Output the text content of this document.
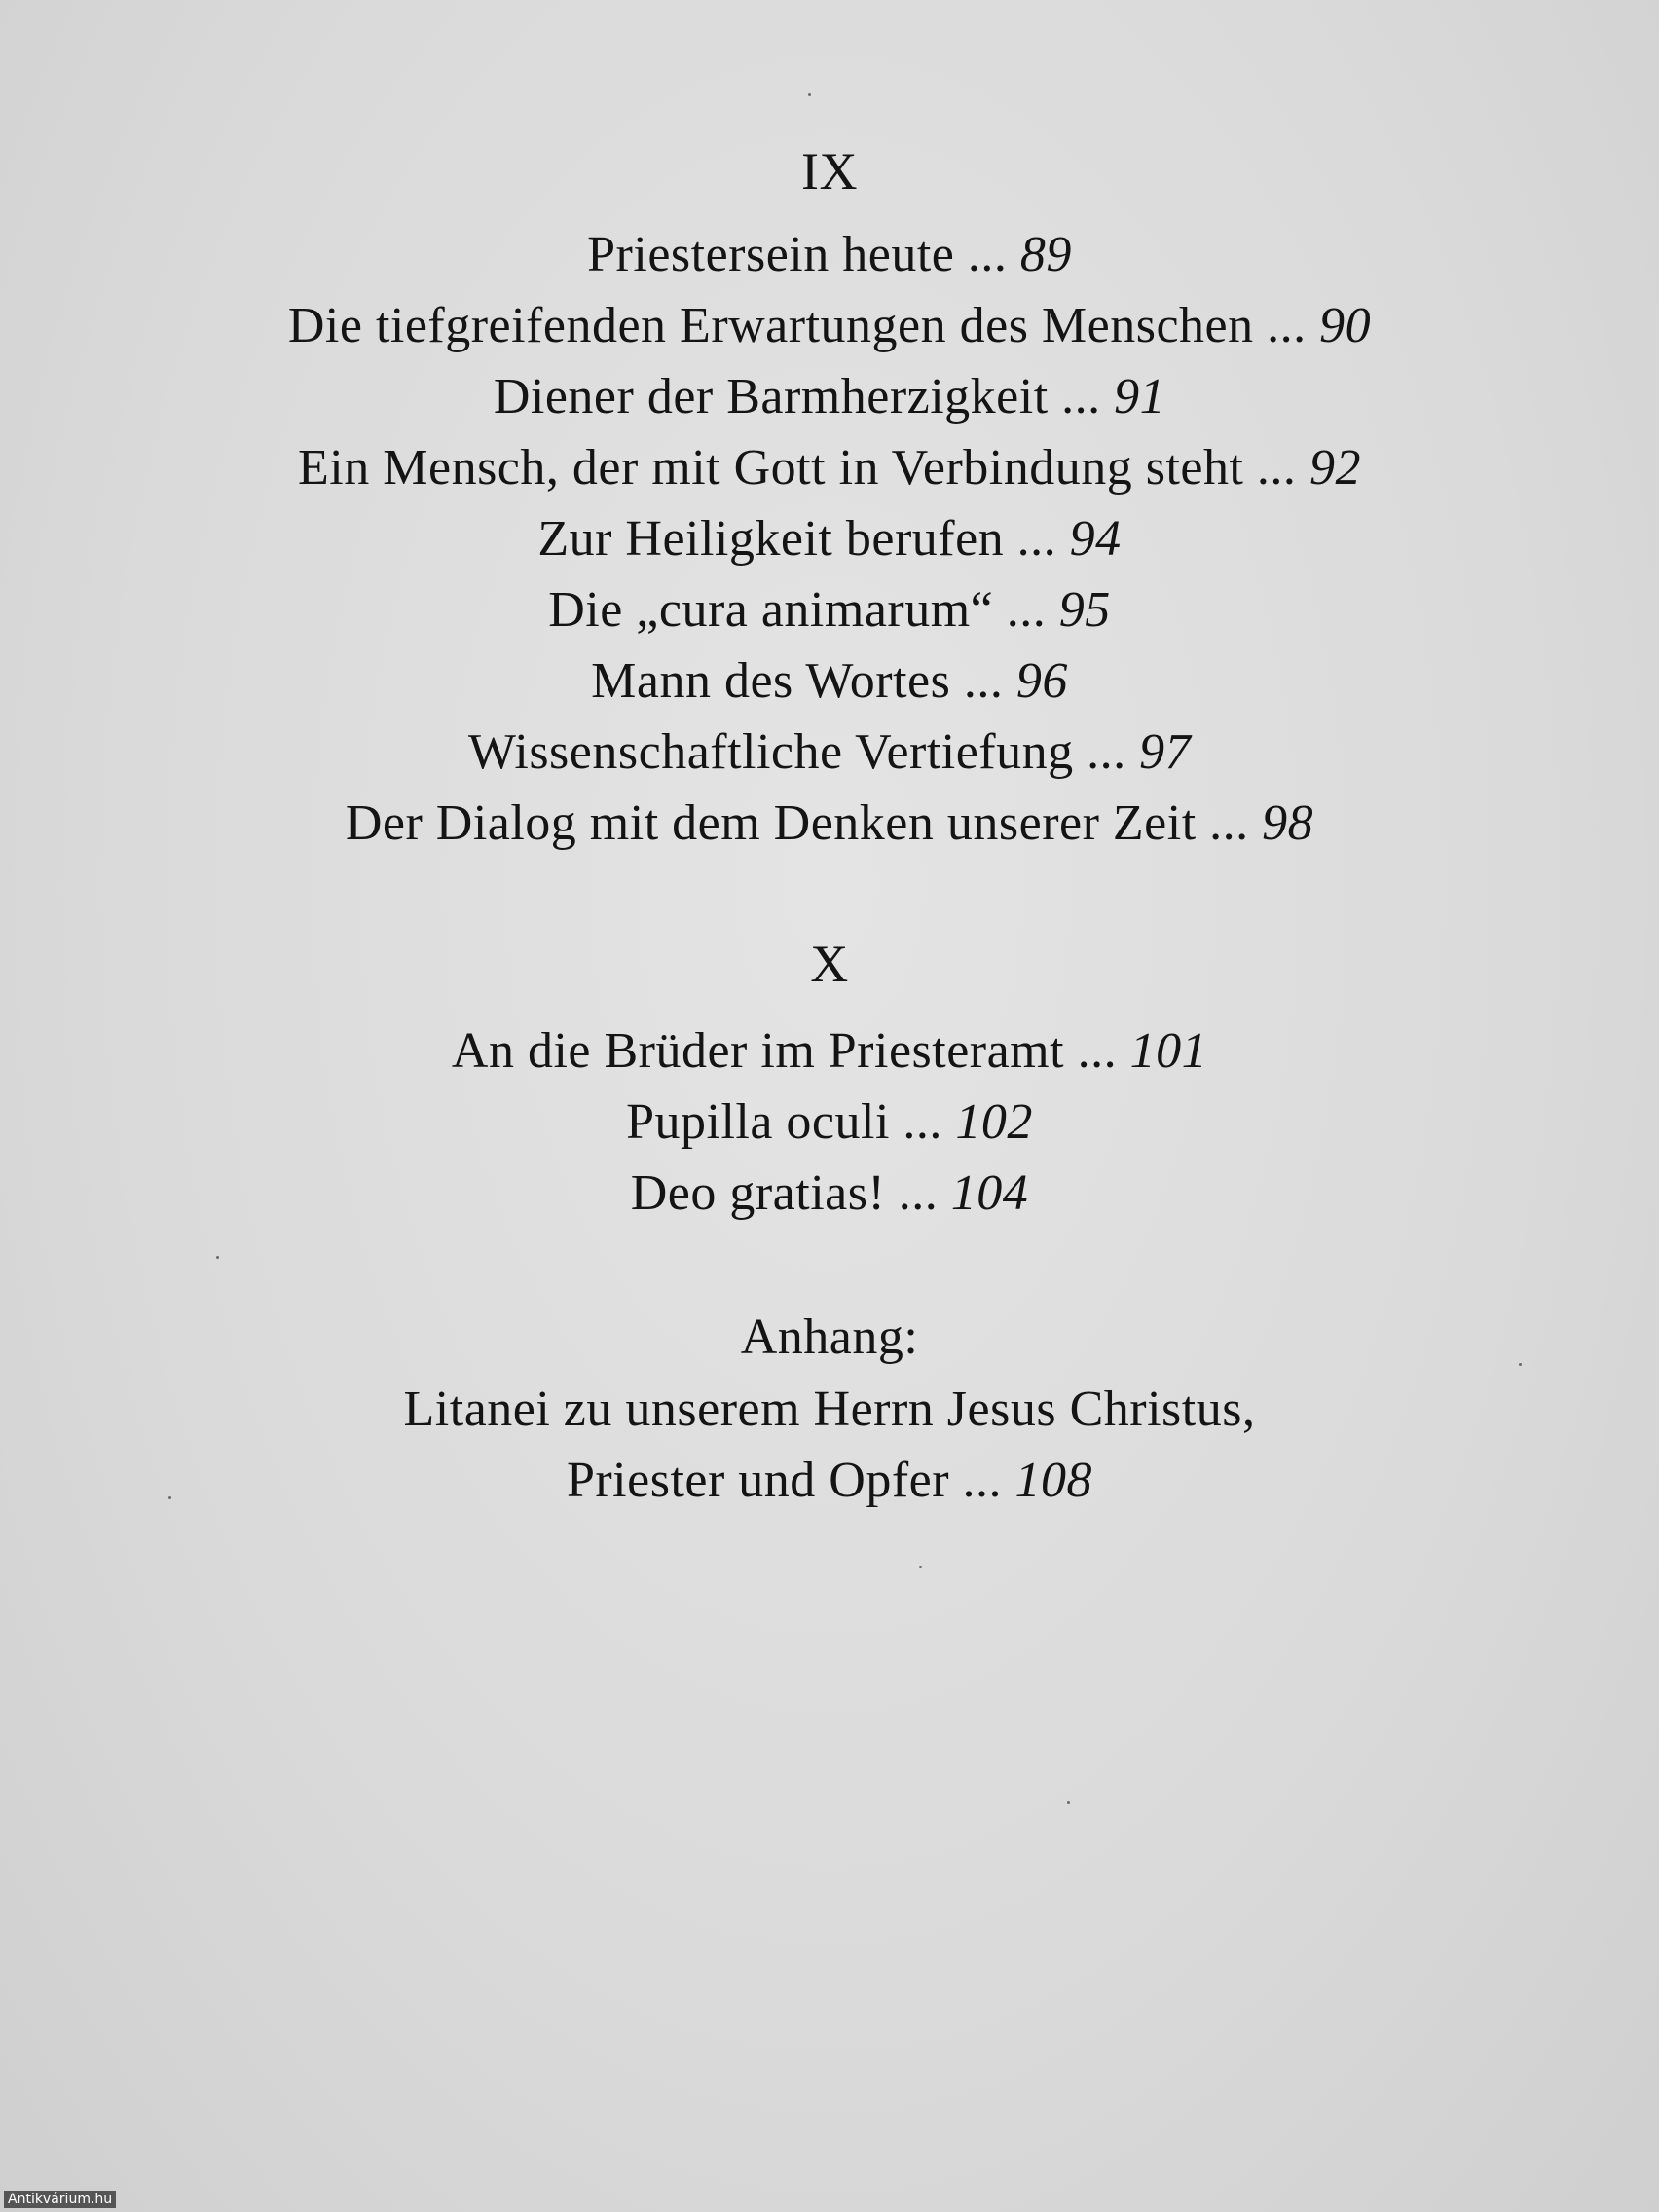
IX
Priestersein heute ... 89
Die tiefgreifenden Erwartungen des Menschen ... 90
Diener der Barmherzigkeit ... 91
Ein Mensch, der mit Gott in Verbindung steht ... 92
Zur Heiligkeit berufen ... 94
Die „cura animarum“ ... 95
Mann des Wortes ... 96
Wissenschaftliche Vertiefung ... 97
Der Dialog mit dem Denken unserer Zeit ... 98
X
An die Brüder im Priesteramt ... 101
Pupilla oculi ... 102
Deo gratias! ... 104
Anhang:
Litanei zu unserem Herrn Jesus Christus,
Priester und Opfer ... 108
Antikvárium.hu
